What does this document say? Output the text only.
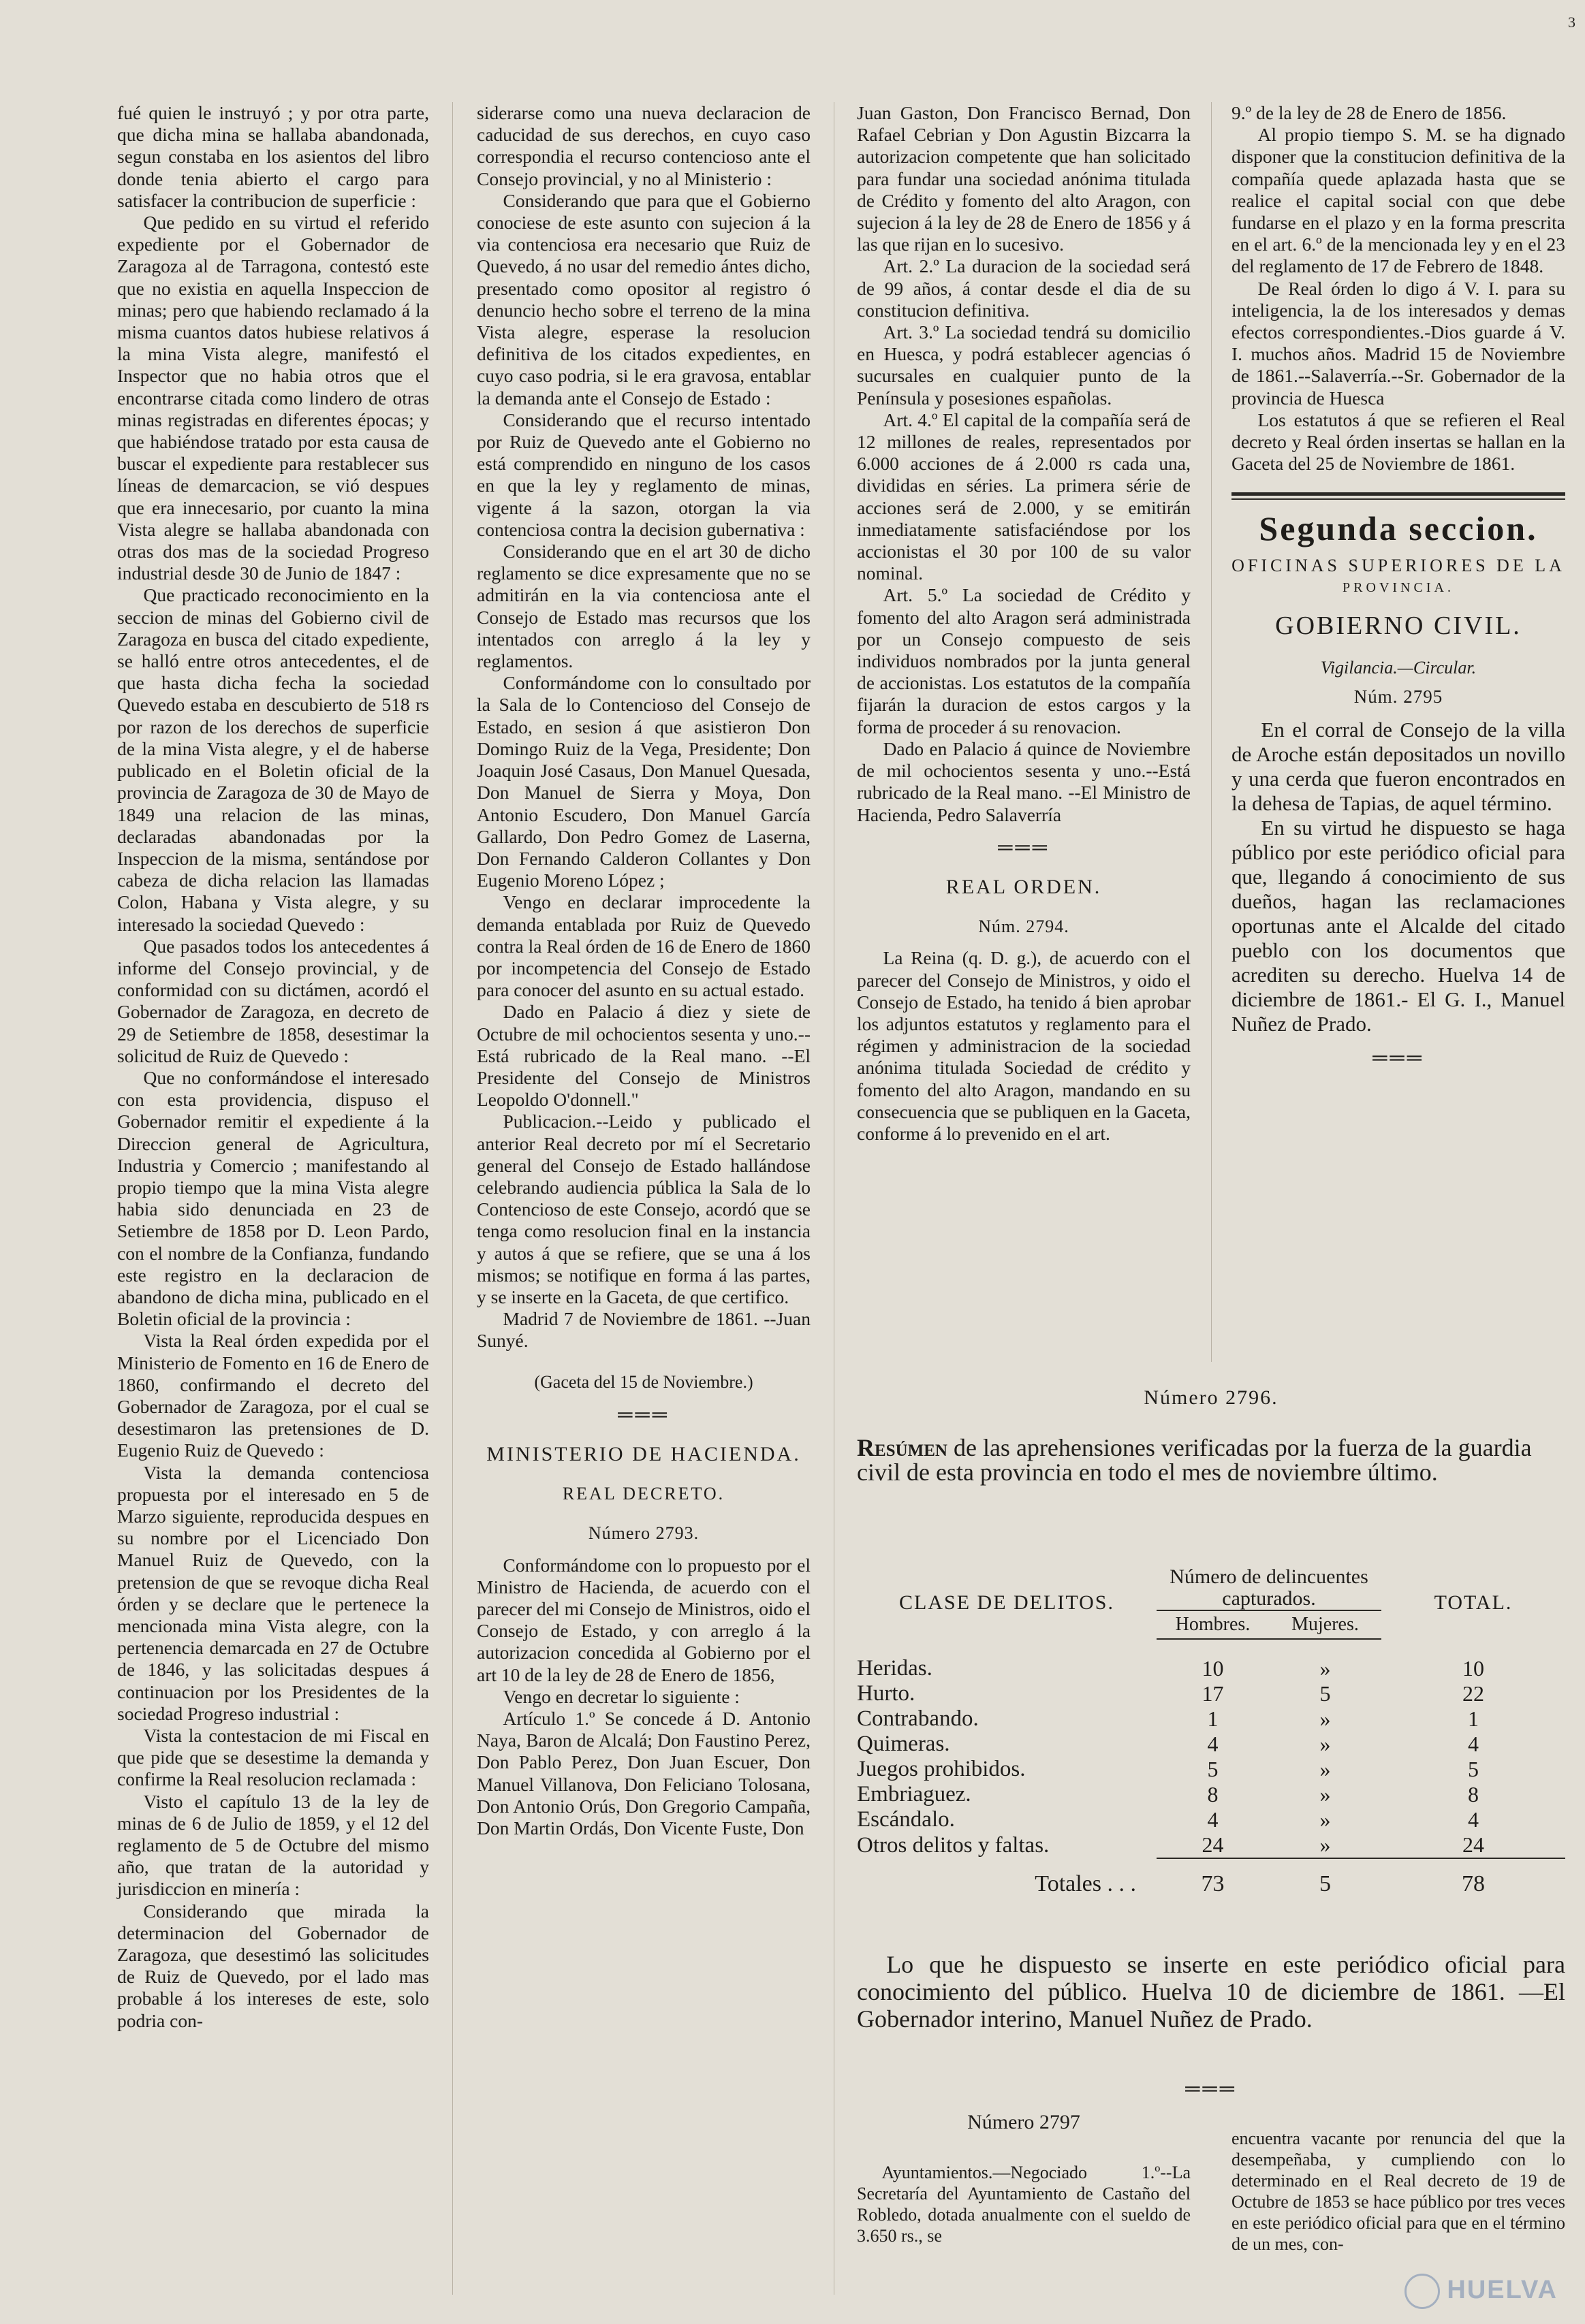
3

fué quien le instruyó ; y por otra parte, que dicha mina se hallaba abandonada, segun constaba en los asientos del libro donde tenia abierto el cargo para satisfacer la contribucion de superficie :

Que pedido en su virtud el referido expediente por el Gobernador de Zaragoza al de Tarragona, contestó este que no existia en aquella Inspeccion de minas; pero que habiendo reclamado á la misma cuantos datos hubiese relativos á la mina Vista alegre, manifestó el Inspector que no habia otros que el encontrarse citada como lindero de otras minas registradas en diferentes épocas; y que habiéndose tratado por esta causa de buscar el expediente para restablecer sus líneas de demarcacion, se vió despues que era innecesario, por cuanto la mina Vista alegre se hallaba abandonada con otras dos mas de la sociedad Progreso industrial desde 30 de Junio de 1847 :

Que practicado reconocimiento en la seccion de minas del Gobierno civil de Zaragoza en busca del citado expediente, se halló entre otros antecedentes, el de que hasta dicha fecha la sociedad Quevedo estaba en descubierto de 518 rs por razon de los derechos de superficie de la mina Vista alegre, y el de haberse publicado en el Boletin oficial de la provincia de Zaragoza de 30 de Mayo de 1849 una relacion de las minas, declaradas abandonadas por la Inspeccion de la misma, sentándose por cabeza de dicha relacion las llamadas Colon, Habana y Vista alegre, y su interesado la sociedad Quevedo :

Que pasados todos los antecedentes á informe del Consejo provincial, y de conformidad con su dictámen, acordó el Gobernador de Zaragoza, en decreto de 29 de Setiembre de 1858, desestimar la solicitud de Ruiz de Quevedo :

Que no conformándose el interesado con esta providencia, dispuso el Gobernador remitir el expediente á la Direccion general de Agricultura, Industria y Comercio ; manifestando al propio tiempo que la mina Vista alegre habia sido denunciada en 23 de Setiembre de 1858 por D. Leon Pardo, con el nombre de la Confianza, fundando este registro en la declaracion de abandono de dicha mina, publicado en el Boletin oficial de la provincia :

Vista la Real órden expedida por el Ministerio de Fomento en 16 de Enero de 1860, confirmando el decreto del Gobernador de Zaragoza, por el cual se desestimaron las pretensiones de D. Eugenio Ruiz de Quevedo :

Vista la demanda contenciosa propuesta por el interesado en 5 de Marzo siguiente, reproducida despues en su nombre por el Licenciado Don Manuel Ruiz de Quevedo, con la pretension de que se revoque dicha Real órden y se declare que le pertenece la mencionada mina Vista alegre, con la pertenencia demarcada en 27 de Octubre de 1846, y las solicitadas despues á continuacion por los Presidentes de la sociedad Progreso industrial :

Vista la contestacion de mi Fiscal en que pide que se desestime la demanda y confirme la Real resolucion reclamada :

Visto el capítulo 13 de la ley de minas de 6 de Julio de 1859, y el 12 del reglamento de 5 de Octubre del mismo año, que tratan de la autoridad y jurisdiccion en minería :

Considerando que mirada la determinacion del Gobernador de Zaragoza, que desestimó las solicitudes de Ruiz de Quevedo, por el lado mas probable á los intereses de este, solo podria con-

siderarse como una nueva declaracion de caducidad de sus derechos, en cuyo caso correspondia el recurso contencioso ante el Consejo provincial, y no al Ministerio :

Considerando que para que el Gobierno conociese de este asunto con sujecion á la via contenciosa era necesario que Ruiz de Quevedo, á no usar del remedio ántes dicho, presentado como opositor al registro ó denuncio hecho sobre el terreno de la mina Vista alegre, esperase la resolucion definitiva de los citados expedientes, en cuyo caso podria, si le era gravosa, entablar la demanda ante el Consejo de Estado :

Considerando que el recurso intentado por Ruiz de Quevedo ante el Gobierno no está comprendido en ninguno de los casos en que la ley y reglamento de minas, vigente á la sazon, otorgan la via contenciosa contra la decision gubernativa :

Considerando que en el art 30 de dicho reglamento se dice expresamente que no se admitirán en la via contenciosa ante el Consejo de Estado mas recursos que los intentados con arreglo á la ley y reglamentos.

Conformándome con lo consultado por la Sala de lo Contencioso del Consejo de Estado, en sesion á que asistieron Don Domingo Ruiz de la Vega, Presidente; Don Joaquin José Casaus, Don Manuel Quesada, Don Manuel de Sierra y Moya, Don Antonio Escudero, Don Manuel García Gallardo, Don Pedro Gomez de Laserna, Don Fernando Calderon Collantes y Don Eugenio Moreno López ;

Vengo en declarar improcedente la demanda entablada por Ruiz de Quevedo contra la Real órden de 16 de Enero de 1860 por incompetencia del Consejo de Estado para conocer del asunto en su actual estado.

Dado en Palacio á diez y siete de Octubre de mil ochocientos sesenta y uno.--Está rubricado de la Real mano. --El Presidente del Consejo de Ministros Leopoldo O'donnell."

Publicacion.--Leido y publicado el anterior Real decreto por mí el Secretario general del Consejo de Estado hallándose celebrando audiencia pública la Sala de lo Contencioso de este Consejo, acordó que se tenga como resolucion final en la instancia y autos á que se refiere, que se una á los mismos; se notifique en forma á las partes, y se inserte en la Gaceta, de que certifico.

Madrid 7 de Noviembre de 1861. --Juan Sunyé.

(Gaceta del 15 de Noviembre.)
═══
MINISTERIO DE HACIENDA.
REAL DECRETO.
Número 2793.

Conformándome con lo propuesto por el Ministro de Hacienda, de acuerdo con el parecer del mi Consejo de Ministros, oido el Consejo de Estado, y con arreglo á la autorizacion concedida al Gobierno por el art 10 de la ley de 28 de Enero de 1856,

Vengo en decretar lo siguiente :

Artículo 1.º Se concede á D. Antonio Naya, Baron de Alcalá; Don Faustino Perez, Don Pablo Perez, Don Juan Escuer, Don Manuel Villanova, Don Feliciano Tolosana, Don Antonio Orús, Don Gregorio Campaña, Don Martin Ordás, Don Vicente Fuste, Don

Juan Gaston, Don Francisco Bernad, Don Rafael Cebrian y Don Agustin Bizcarra la autorizacion competente que han solicitado para fundar una sociedad anónima titulada de Crédito y fomento del alto Aragon, con sujecion á la ley de 28 de Enero de 1856 y á las que rijan en lo sucesivo.

Art. 2.º La duracion de la sociedad será de 99 años, á contar desde el dia de su constitucion definitiva.

Art. 3.º La sociedad tendrá su domicilio en Huesca, y podrá establecer agencias ó sucursales en cualquier punto de la Península y posesiones españolas.

Art. 4.º El capital de la compañía será de 12 millones de reales, representados por 6.000 acciones de á 2.000 rs cada una, divididas en séries. La primera série de acciones será de 2.000, y se emitirán inmediatamente satisfaciéndose por los accionistas el 30 por 100 de su valor nominal.

Art. 5.º La sociedad de Crédito y fomento del alto Aragon será administrada por un Consejo compuesto de seis individuos nombrados por la junta general de accionistas. Los estatutos de la compañía fijarán la duracion de estos cargos y la forma de proceder á su renovacion.

Dado en Palacio á quince de Noviembre de mil ochocientos sesenta y uno.--Está rubricado de la Real mano. --El Ministro de Hacienda, Pedro Salaverría

═══
REAL ORDEN.
Núm. 2794.

La Reina (q. D. g.), de acuerdo con el parecer del Consejo de Ministros, y oido el Consejo de Estado, ha tenido á bien aprobar los adjuntos estatutos y reglamento para el régimen y administracion de la sociedad anónima titulada Sociedad de crédito y fomento del alto Aragon, mandando en su consecuencia que se publiquen en la Gaceta, conforme á lo prevenido en el art.

9.º de la ley de 28 de Enero de 1856.

Al propio tiempo S. M. se ha dignado disponer que la constitucion definitiva de la compañía quede aplazada hasta que se realice el capital social con que debe fundarse en el plazo y en la forma prescrita en el art. 6.º de la mencionada ley y en el 23 del reglamento de 17 de Febrero de 1848.

De Real órden lo digo á V. I. para su inteligencia, la de los interesados y demas efectos correspondientes.-Dios guarde á V. I. muchos años. Madrid 15 de Noviembre de 1861.--Salaverría.--Sr. Gobernador de la provincia de Huesca

Los estatutos á que se refieren el Real decreto y Real órden insertas se hallan en la Gaceta del 25 de Noviembre de 1861.

Segunda seccion.
OFICINAS SUPERIORES DE LA
PROVINCIA.
GOBIERNO CIVIL.
Vigilancia.—Circular.
Núm. 2795

En el corral de Consejo de la villa de Aroche están depositados un novillo y una cerda que fueron encontrados en la dehesa de Tapias, de aquel término.

En su virtud he dispuesto se haga público por este periódico oficial para que, llegando á conocimiento de sus dueños, hagan las reclamaciones oportunas ante el Alcalde del citado pueblo con los documentos que acrediten su derecho. Huelva 14 de diciembre de 1861.- El G. I., Manuel Nuñez de Prado.

═══
Número 2796.
Resúmen de las aprehensiones verificadas por la fuerza de la guardia civil de esta provincia en todo el mes de noviembre último.
CLASE DE DELITOS.	Número de delincuentes capturados.		TOTAL.
	Hombres.	Mujeres.	

Heridas.	10	»	10
Hurto.	17	5	22
Contrabando.	1	»	1
Quimeras.	4	»	4
Juegos prohibidos.	5	»	5
Embriaguez.	8	»	8
Escándalo.	4	»	4
Otros delitos y faltas.	24	»	24

Totales . . .	73	5	78
Lo que he dispuesto se inserte en este periódico oficial para conocimiento del público. Huelva 10 de diciembre de 1861. —El Gobernador interino, Manuel Nuñez de Prado.
═══
Número 2797
Ayuntamientos.—Negociado 1.º--La Secretaría del Ayuntamiento de Castaño del Robledo, dotada anualmente con el sueldo de 3.650 rs., se
encuentra vacante por renuncia del que la desempeñaba, y cumpliendo con lo determinado en el Real decreto de 19 de Octubre de 1853 se hace público por tres veces en este periódico oficial para que en el término de un mes, con-
HUELVA
